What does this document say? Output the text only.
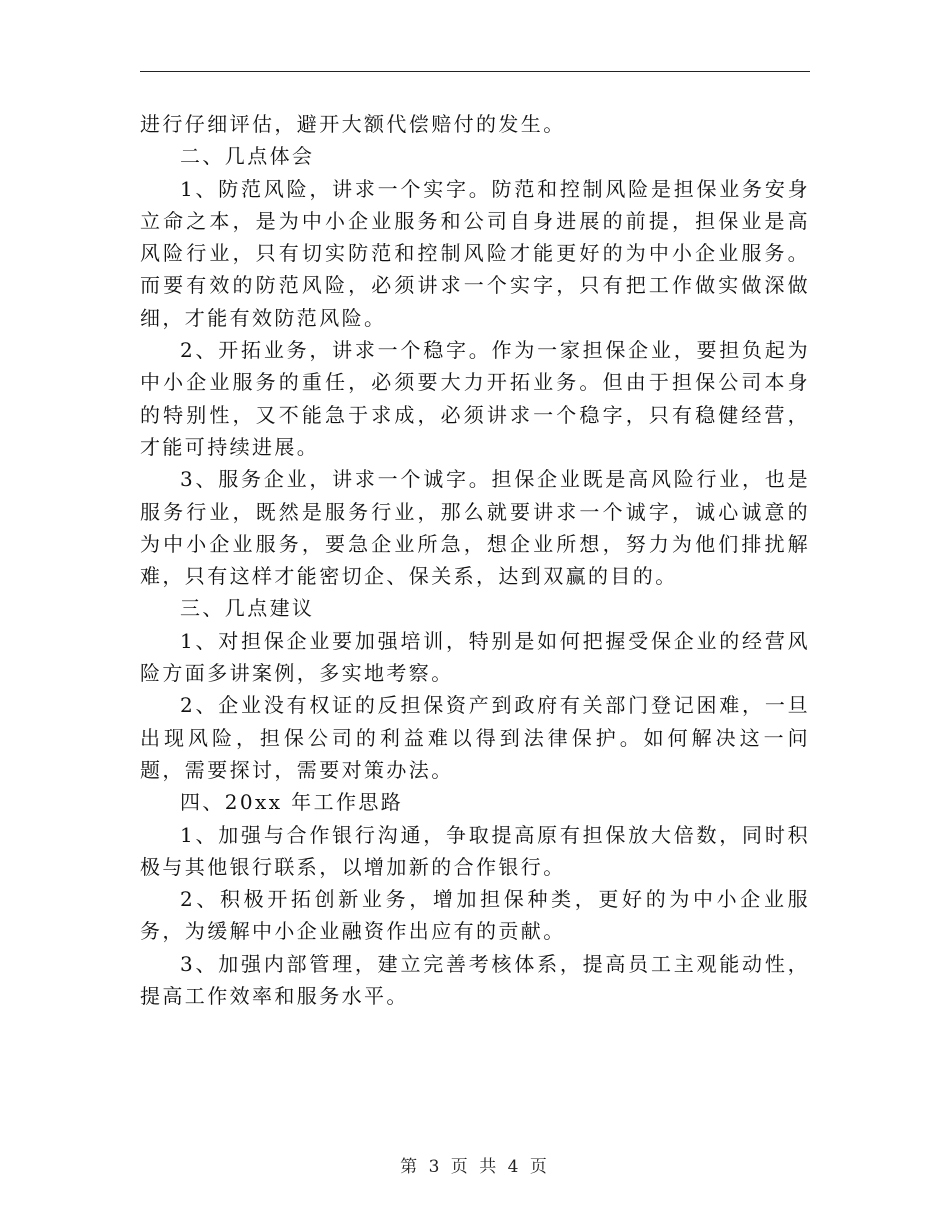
进行仔细评估，避开大额代偿赔付的发生。

二、几点体会

1、防范风险，讲求一个实字。防范和控制风险是担保业务安身立命之本，是为中小企业服务和公司自身进展的前提，担保业是高风险行业，只有切实防范和控制风险才能更好的为中小企业服务。而要有效的防范风险，必须讲求一个实字，只有把工作做实做深做细，才能有效防范风险。

2、开拓业务，讲求一个稳字。作为一家担保企业，要担负起为中小企业服务的重任，必须要大力开拓业务。但由于担保公司本身的特别性，又不能急于求成，必须讲求一个稳字，只有稳健经营，才能可持续进展。

3、服务企业，讲求一个诚字。担保企业既是高风险行业，也是服务行业，既然是服务行业，那么就要讲求一个诚字，诚心诚意的为中小企业服务，要急企业所急，想企业所想，努力为他们排扰解难，只有这样才能密切企、保关系，达到双赢的目的。

三、几点建议

1、对担保企业要加强培训，特别是如何把握受保企业的经营风险方面多讲案例，多实地考察。

2、企业没有权证的反担保资产到政府有关部门登记困难，一旦出现风险，担保公司的利益难以得到法律保护。如何解决这一问题，需要探讨，需要对策办法。

四、20xx 年工作思路

1、加强与合作银行沟通，争取提高原有担保放大倍数，同时积极与其他银行联系，以增加新的合作银行。

2、积极开拓创新业务，增加担保种类，更好的为中小企业服务，为缓解中小企业融资作出应有的贡献。

3、加强内部管理，建立完善考核体系，提高员工主观能动性，提高工作效率和服务水平。

第 3 页 共 4 页
